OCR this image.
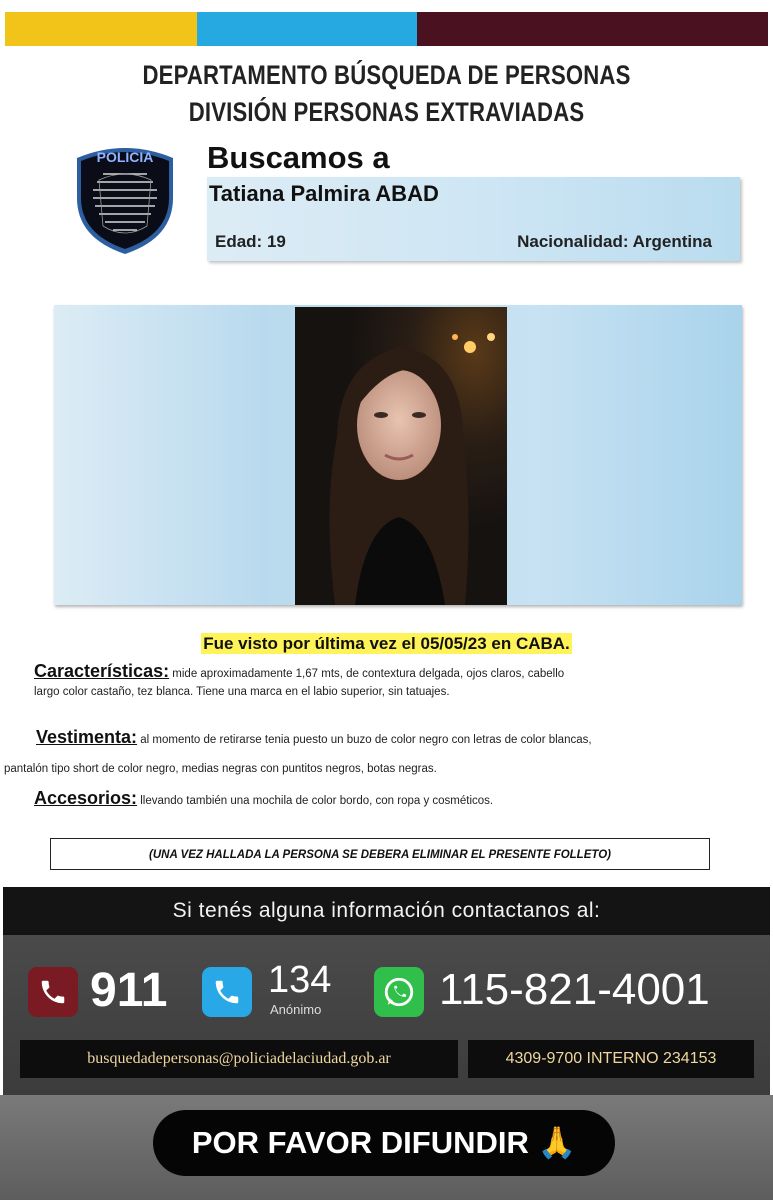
DEPARTAMENTO BÚSQUEDA DE PERSONAS
DIVISIÓN PERSONAS EXTRAVIADAS
POLICIA Buscamos a
Tatiana Palmira ABAD
Edad: 19	Nacionalidad: Argentina
Fue visto por última vez el 05/05/23 en CABA.
Características: mide aproximadamente 1,67 mts, de contextura delgada, ojos claros, cabello
largo color castaño, tez blanca. Tiene una marca en el labio superior, sin tatuajes.
Vestimenta: al momento de retirarse tenia puesto un buzo de color negro con letras de color blancas,
pantalón tipo short de color negro, medias negras con puntitos negros, botas negras.
Accesorios: llevando también una mochila de color bordo, con ropa y cosméticos.
(UNA VEZ HALLADA LA PERSONA SE DEBERA ELIMINAR EL PRESENTE FOLLETO)
Si tenés alguna información contactanos al:
911	134
Anónimo	115-821-4001
busquedadepersonas@policiadelaciudad.gob.ar	4309-9700 INTERNO 234153
POR FAVOR DIFUNDIR 🙏
